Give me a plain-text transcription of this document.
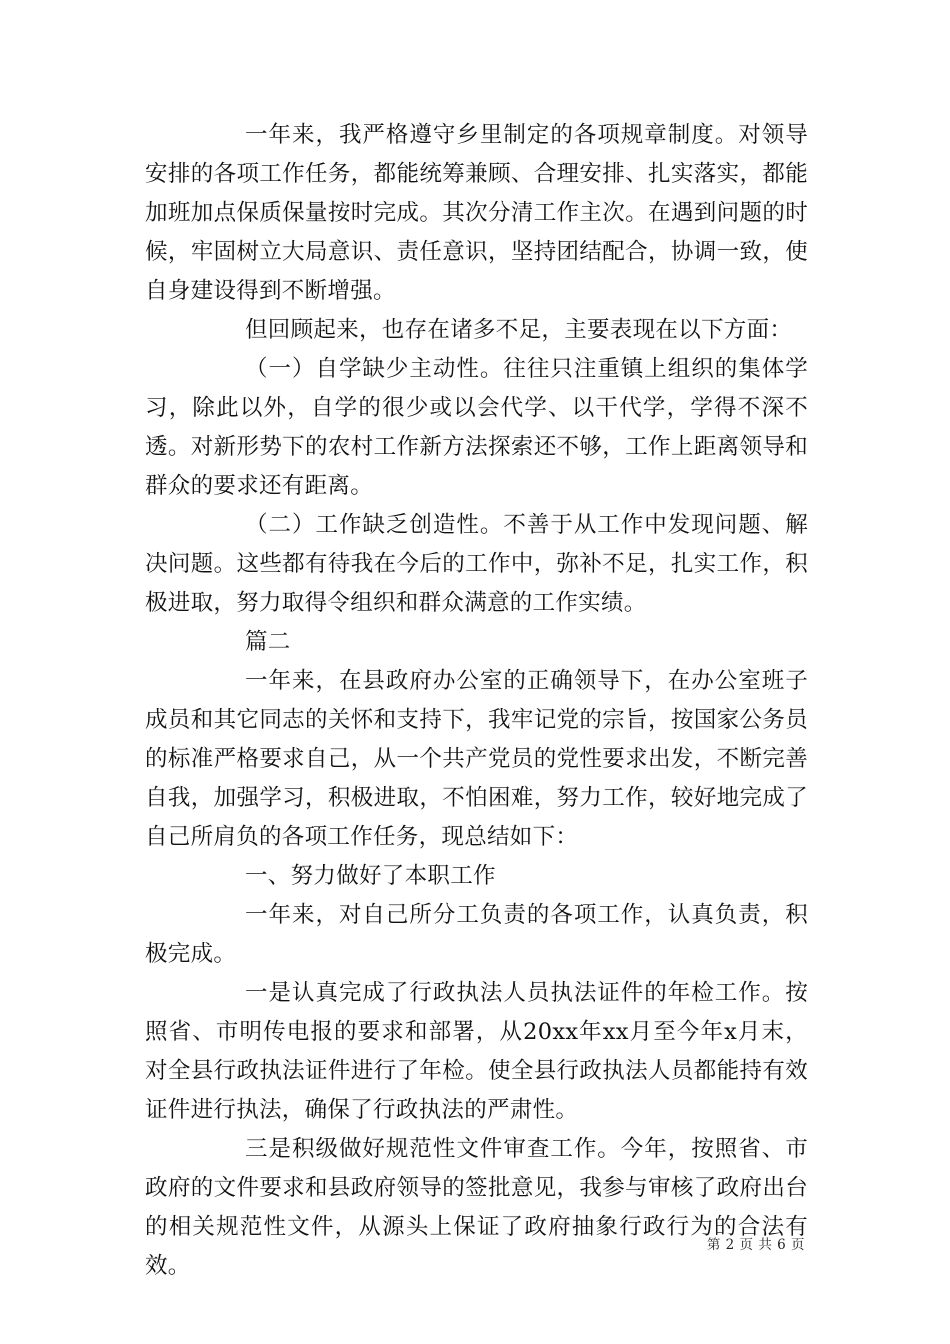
一年来，我严格遵守乡里制定的各项规章制度。对领导安排的各项工作任务，都能统筹兼顾、合理安排、扎实落实，都能加班加点保质保量按时完成。其次分清工作主次。在遇到问题的时候，牢固树立大局意识、责任意识，坚持团结配合，协调一致，使自身建设得到不断增强。

但回顾起来，也存在诸多不足，主要表现在以下方面：

（一）自学缺少主动性。往往只注重镇上组织的集体学习，除此以外，自学的很少或以会代学、以干代学，学得不深不透。对新形势下的农村工作新方法探索还不够，工作上距离领导和群众的要求还有距离。

（二）工作缺乏创造性。不善于从工作中发现问题、解决问题。这些都有待我在今后的工作中，弥补不足，扎实工作，积极进取，努力取得令组织和群众满意的工作实绩。

篇二

一年来，在县政府办公室的正确领导下，在办公室班子成员和其它同志的关怀和支持下，我牢记党的宗旨，按国家公务员的标准严格要求自己，从一个共产党员的党性要求出发，不断完善自我，加强学习，积极进取，不怕困难，努力工作，较好地完成了自己所肩负的各项工作任务，现总结如下：

一、努力做好了本职工作

一年来，对自己所分工负责的各项工作，认真负责，积极完成。

一是认真完成了行政执法人员执法证件的年检工作。按照省、市明传电报的要求和部署，从20xx年xx月至今年x月末，对全县行政执法证件进行了年检。使全县行政执法人员都能持有效证件进行执法，确保了行政执法的严肃性。

三是积级做好规范性文件审查工作。今年，按照省、市政府的文件要求和县政府领导的签批意见，我参与审核了政府出台的相关规范性文件，从源头上保证了政府抽象行政行为的合法有效。

第 2 页 共 6 页
